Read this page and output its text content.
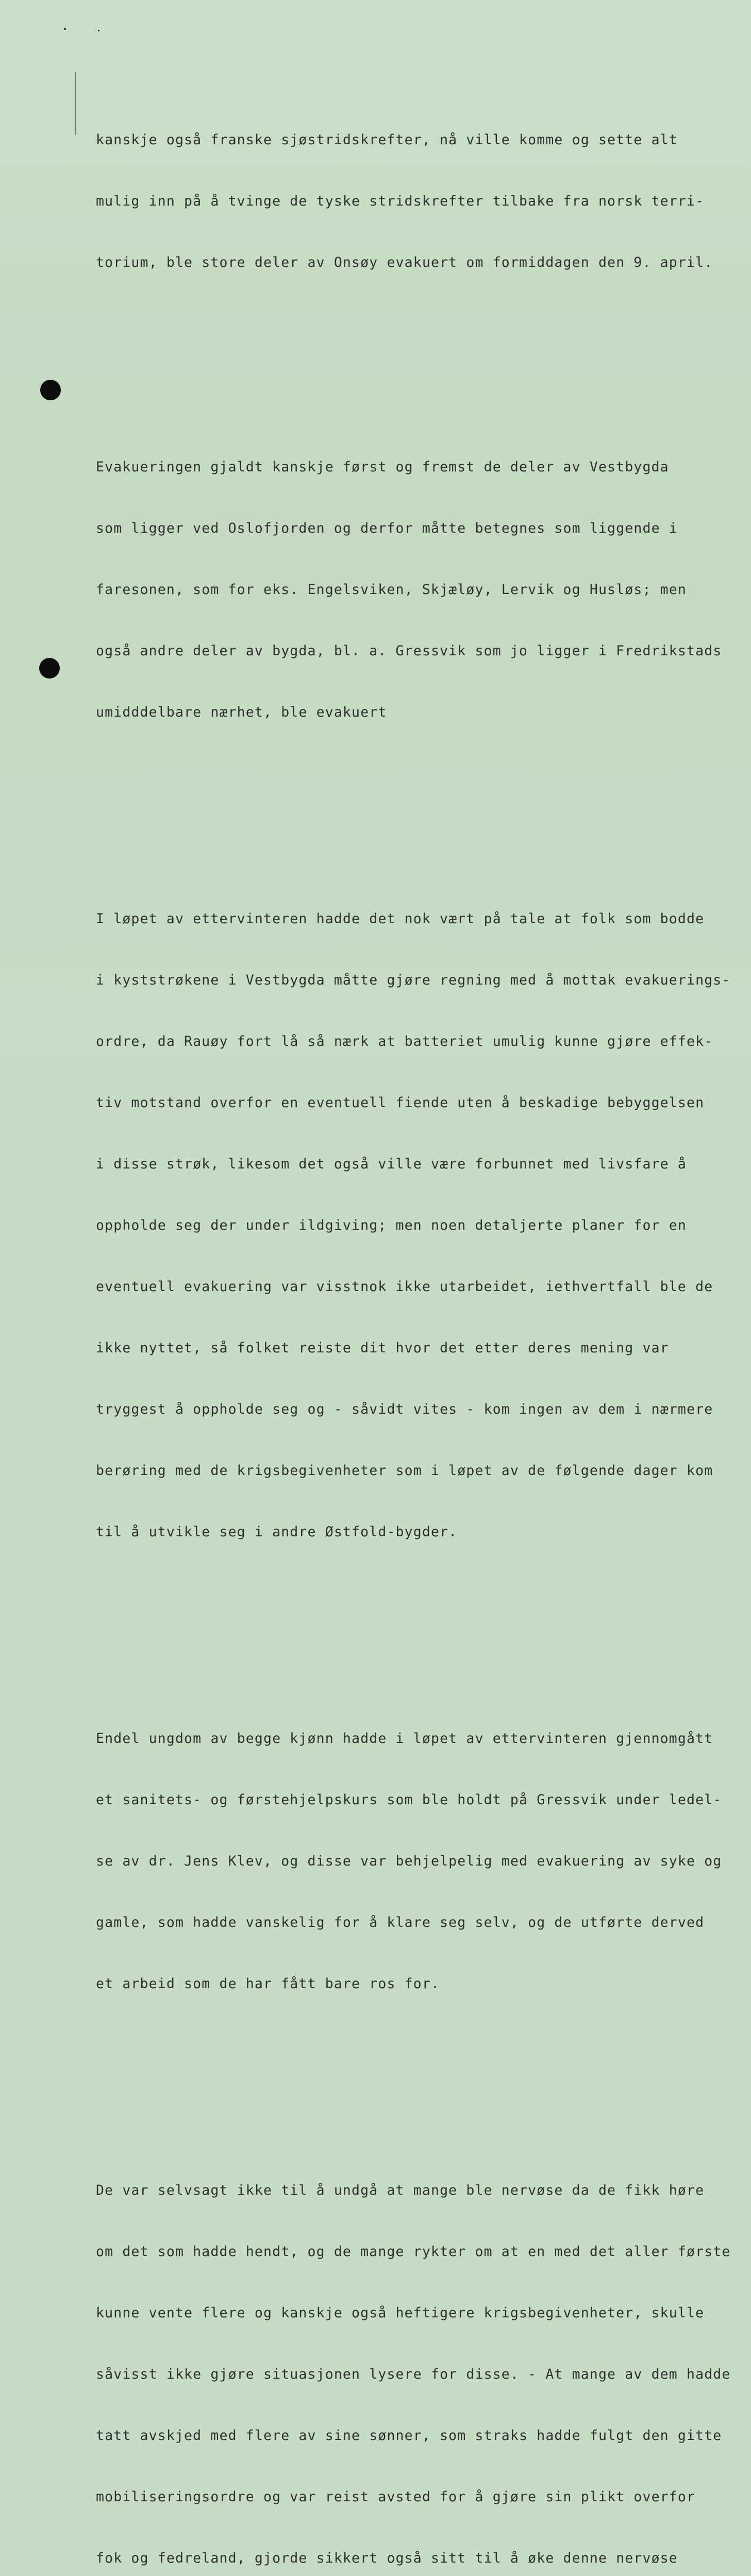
kanskje også franske sjøstridskrefter, nå ville komme og sette alt

mulig inn på å tvinge de tyske stridskrefter tilbake fra norsk terri-

torium, ble store deler av Onsøy evakuert om formiddagen den 9. april.

Evakueringen gjaldt kanskje først og fremst de deler av Vestbygda

som ligger ved Oslofjorden og derfor måtte betegnes som liggende i

faresonen, som for eks. Engelsviken, Skjæløy, Lervik og Husløs; men

også andre deler av bygda, bl. a. Gressvik som jo ligger i Fredrikstads

umidddelbare nærhet, ble evakuert

I løpet av ettervinteren hadde det nok vært på tale at folk som bodde

i kyststrøkene i Vestbygda måtte gjøre regning med å mottak evakuerings-

ordre, da Rauøy fort lå så nærk at batteriet umulig kunne gjøre effek-

tiv motstand overfor en eventuell fiende uten å beskadige bebyggelsen

i disse strøk, likesom det også ville være forbunnet med livsfare å

oppholde seg der under ildgiving; men noen detaljerte planer for en

eventuell evakuering var visstnok ikke utarbeidet, iethvertfall ble de

ikke nyttet, så folket reiste dit hvor det etter deres mening var

tryggest å oppholde seg og - såvidt vites - kom ingen av dem i nærmere

berøring med de krigsbegivenheter som i løpet av de følgende dager kom

til å utvikle seg i andre Østfold-bygder.

Endel ungdom av begge kjønn hadde i løpet av ettervinteren gjennomgått

et sanitets- og førstehjelpskurs som ble holdt på Gressvik under ledel-

se av dr. Jens Klev, og disse var behjelpelig med evakuering av syke og

gamle, som hadde vanskelig for å klare seg selv, og de utførte derved

et arbeid som de har fått bare ros for.

De var selvsagt ikke til å undgå at mange ble nervøse da de fikk høre

om det som hadde hendt, og de mange rykter om at en med det aller første

kunne vente flere og kanskje også heftigere krigsbegivenheter, skulle

såvisst ikke gjøre situasjonen lysere for disse. - At mange av dem hadde

tatt avskjed med flere av sine sønner, som straks hadde fulgt den gitte

mobiliseringsordre og var reist avsted for å gjøre sin plikt overfor

fok og fedreland, gjorde sikkert også sitt til å øke denne nervøse
